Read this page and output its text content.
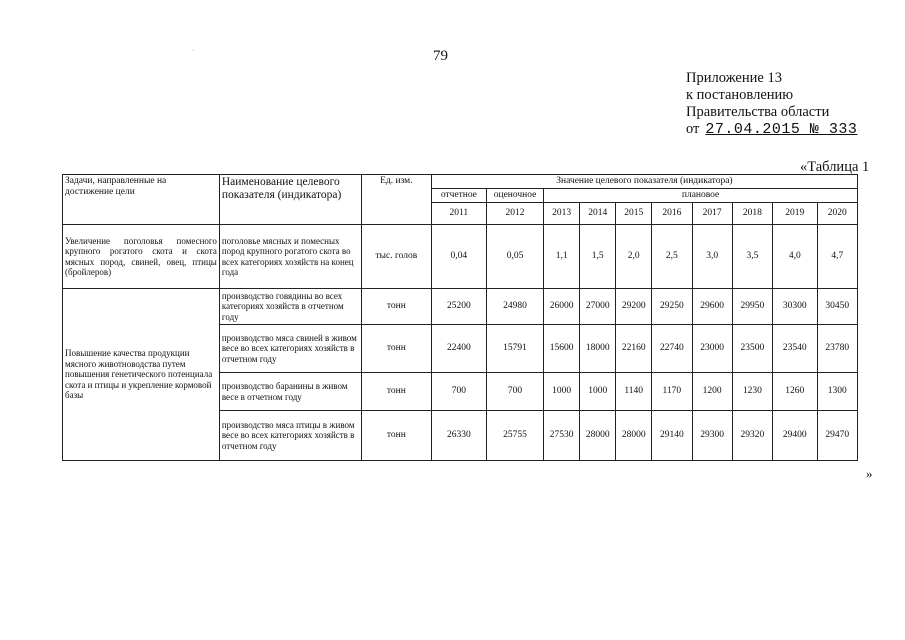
·	79
Приложение 13
к постановлению
Правительства области
от 27.04.2015 № 333
«Таблица 1
Задачи, направленные на достижение цели	Наименование целевого показателя (индикатора)	Ед. изм.	Значение целевого показателя (индикатора)									
			отчетное	оценочное	плановое							
			2011	2012	2013	2014	2015	2016	2017	2018	2019	2020
Увеличение поголовья помесного крупного рогатого скота и скота мясных пород, свиней, овец, птицы (бройлеров)	поголовье мясных и помесных пород крупного рогатого скота во всех категориях хозяйств на конец года	тыс. голов	0,04	0,05	1,1	1,5	2,0	2,5	3,0	3,5	4,0	4,7
Повышение качества продукции мясного животноводства путем повышения генетического потенциала скота и птицы и укрепление кормовой базы	производство говядины во всех категориях хозяйств в отчетном году	тонн	25200	24980	26000	27000	29200	29250	29600	29950	30300	30450
	производство мяса свиней в живом весе во всех категориях хозяйств в отчетном году	тонн	22400	15791	15600	18000	22160	22740	23000	23500	23540	23780
	производство баранины в живом весе в отчетном году	тонн	700	700	1000	1000	1140	1170	1200	1230	1260	1300
	производство мяса птицы в живом весе во всех категориях хозяйств в отчетном году	тонн	26330	25755	27530	28000	28000	29140	29300	29320	29400	29470
»
